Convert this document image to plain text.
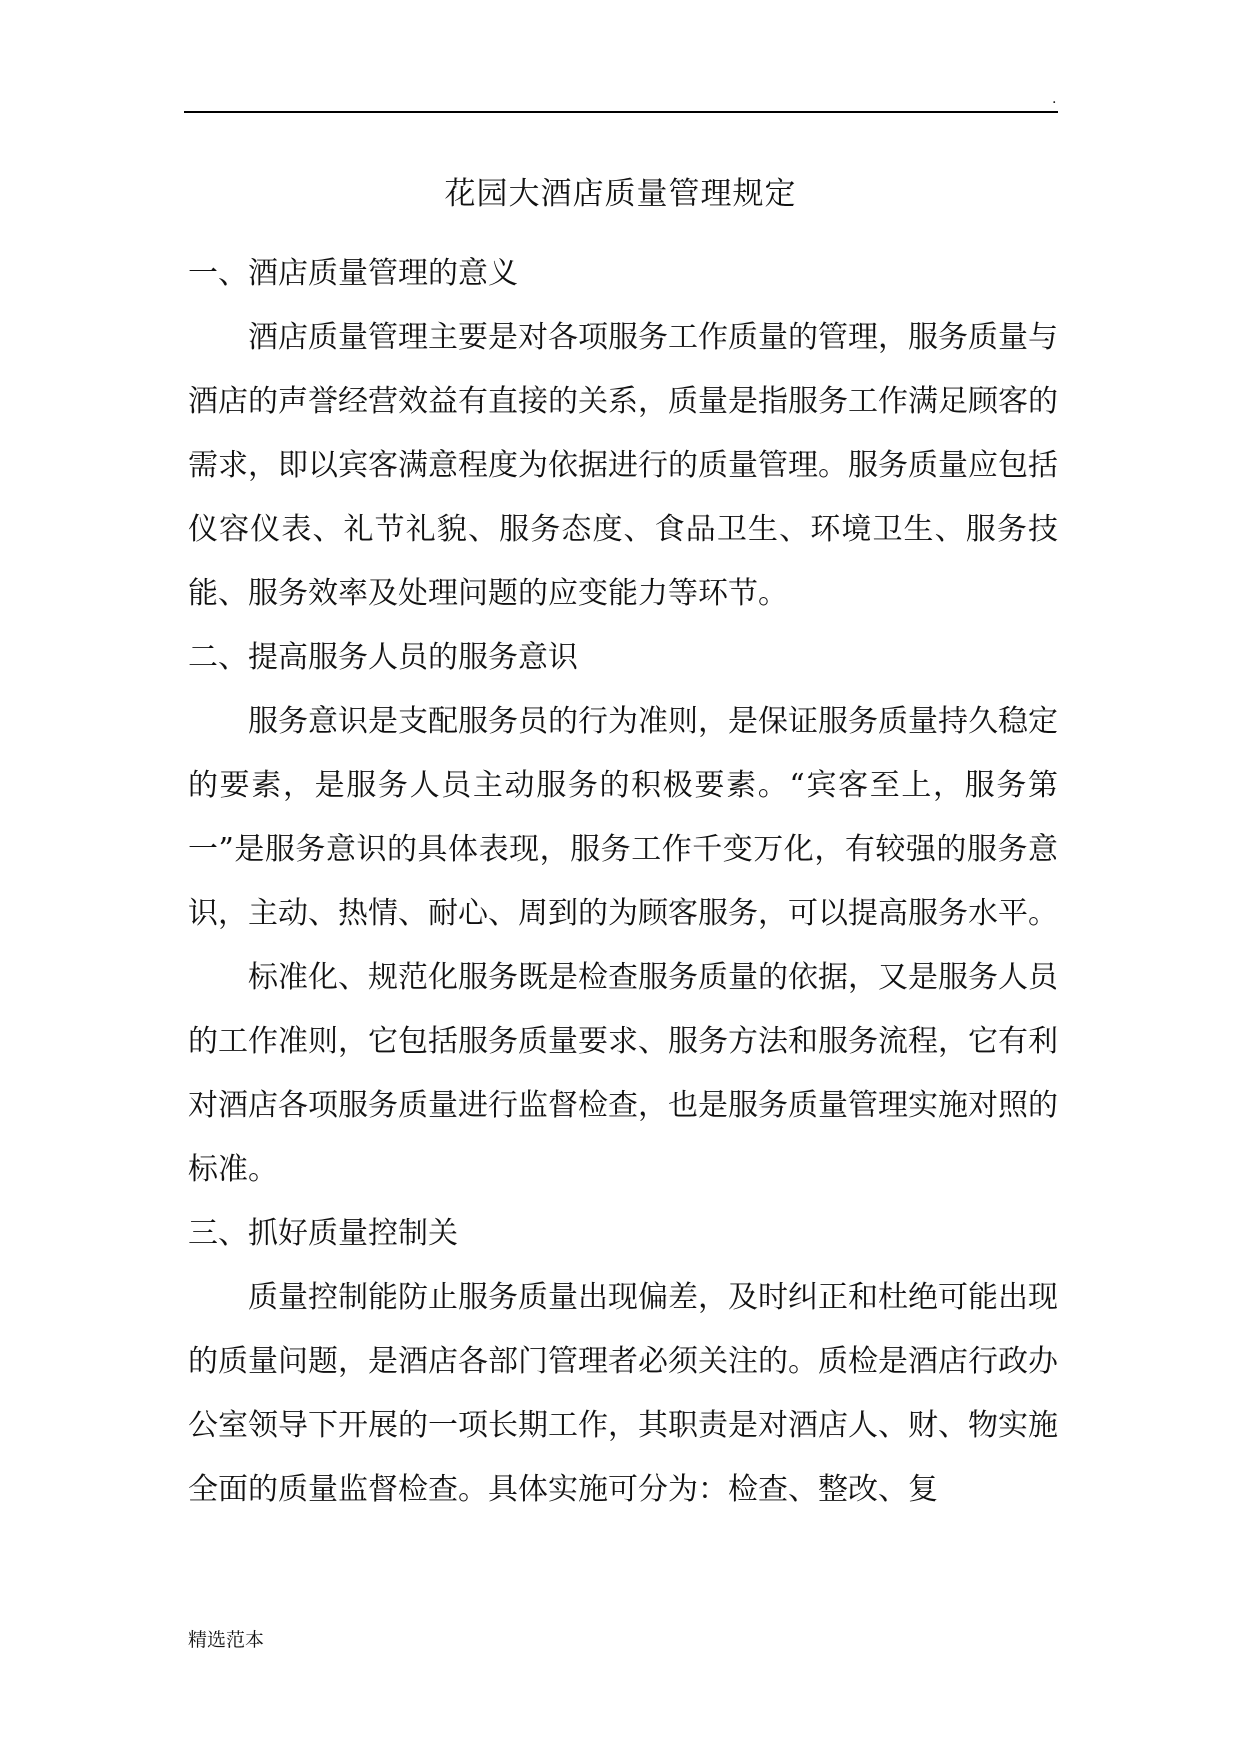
.
花园大酒店质量管理规定

一、酒店质量管理的意义

酒店质量管理主要是对各项服务工作质量的管理，服务质量与酒店的声誉经营效益有直接的关系，质量是指服务工作满足顾客的需求，即以宾客满意程度为依据进行的质量管理。服务质量应包括仪容仪表、礼节礼貌、服务态度、食品卫生、环境卫生、服务技能、服务效率及处理问题的应变能力等环节。

二、提高服务人员的服务意识

服务意识是支配服务员的行为准则，是保证服务质量持久稳定的要素，是服务人员主动服务的积极要素。“宾客至上，服务第一”是服务意识的具体表现，服务工作千变万化，有较强的服务意识，主动、热情、耐心、周到的为顾客服务，可以提高服务水平。

标准化、规范化服务既是检查服务质量的依据，又是服务人员的工作准则，它包括服务质量要求、服务方法和服务流程，它有利对酒店各项服务质量进行监督检查，也是服务质量管理实施对照的标准。

三、抓好质量控制关

质量控制能防止服务质量出现偏差，及时纠正和杜绝可能出现的质量问题，是酒店各部门管理者必须关注的。质检是酒店行政办公室领导下开展的一项长期工作，其职责是对酒店人、财、物实施全面的质量监督检查。具体实施可分为：检查、整改、复

精选范本
